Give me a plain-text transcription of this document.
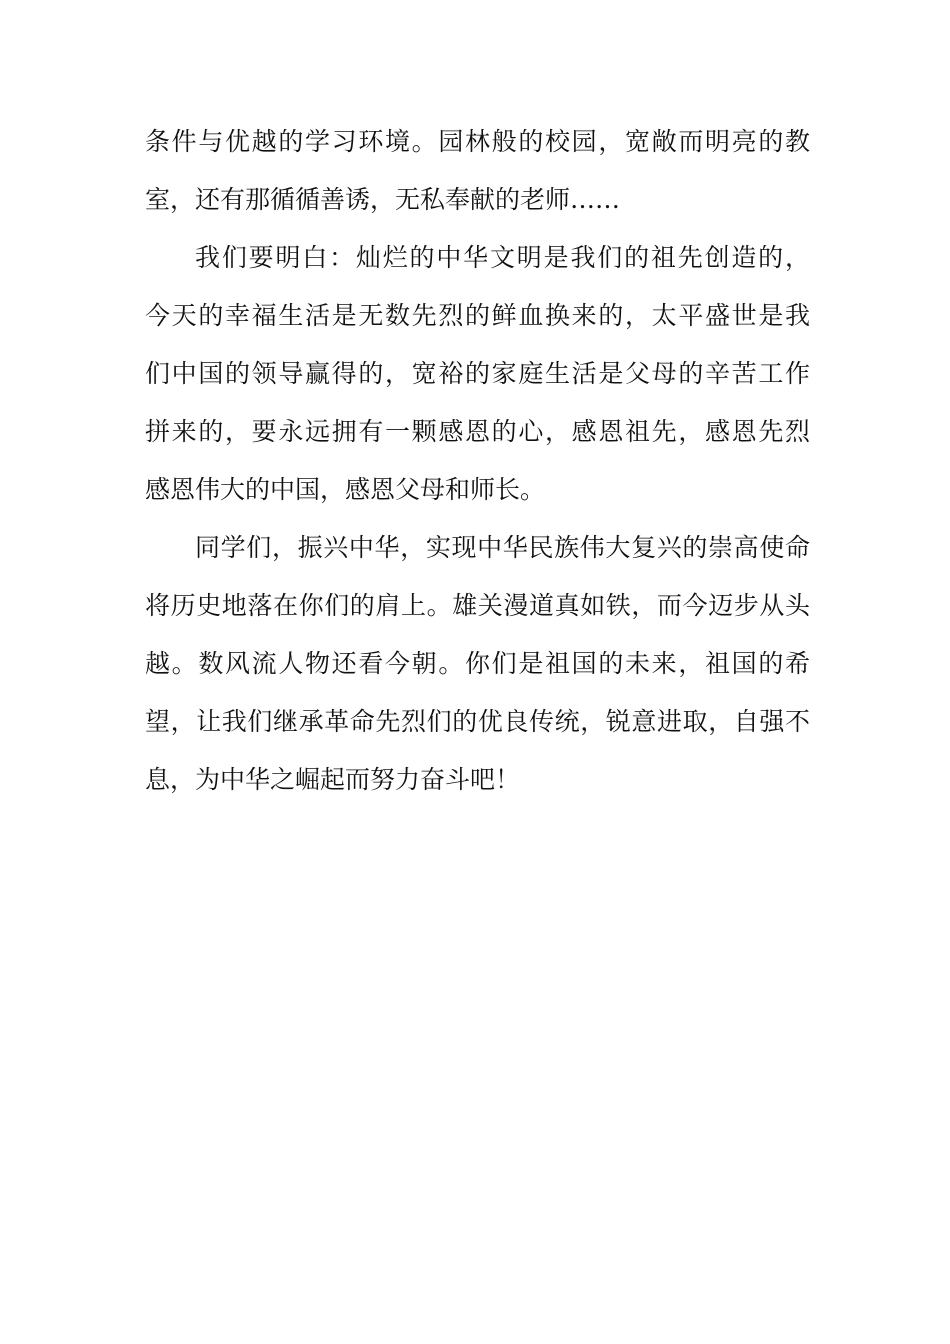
条件与优越的学习环境。园林般的校园，宽敞而明亮的教
室，还有那循循善诱，无私奉献的老师……
我们要明白：灿烂的中华文明是我们的祖先创造的，
今天的幸福生活是无数先烈的鲜血换来的，太平盛世是我
们中国的领导赢得的，宽裕的家庭生活是父母的辛苦工作
拼来的，要永远拥有一颗感恩的心，感恩祖先，感恩先烈
感恩伟大的中国，感恩父母和师长。
同学们，振兴中华，实现中华民族伟大复兴的崇高使命
将历史地落在你们的肩上。雄关漫道真如铁，而今迈步从头
越。数风流人物还看今朝。你们是祖国的未来，祖国的希
望，让我们继承革命先烈们的优良传统，锐意进取，自强不
息，为中华之崛起而努力奋斗吧！
